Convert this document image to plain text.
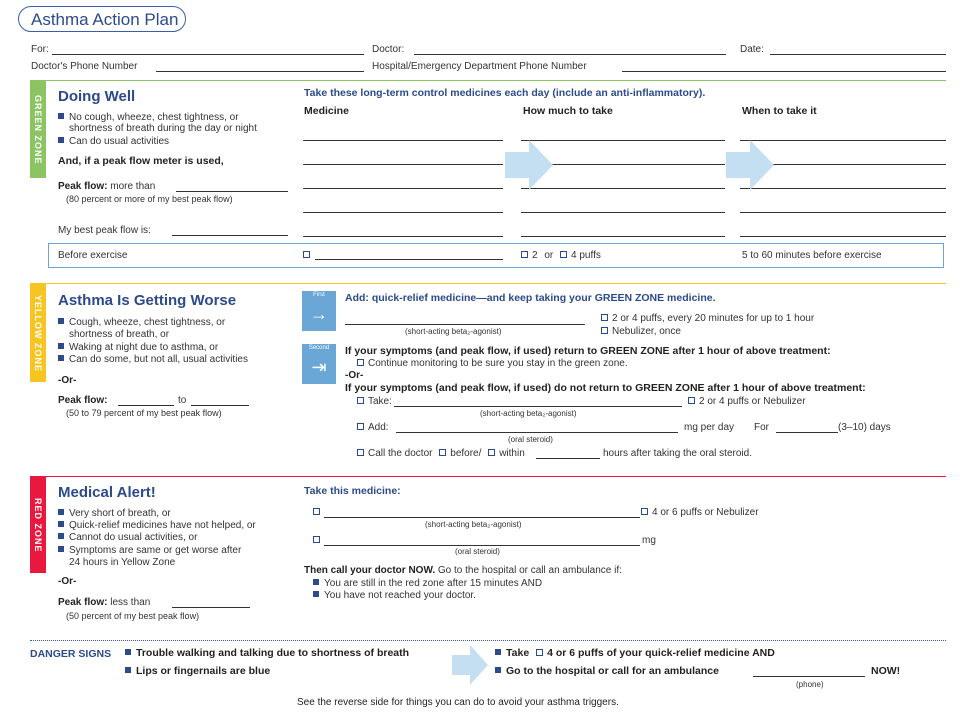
Asthma Action Plan
For:	Doctor:	Date:
Doctor's Phone Number	Hospital/Emergency Department Phone Number
GREEN ZONE Doing Well
No cough, wheeze, chest tightness, or
shortness of breath during the day or night
Can do usual activities
And, if a peak flow meter is used,
Peak flow: more than
(80 percent or more of my best peak flow)
My best peak flow is:
Take these long-term control medicines each day (include an anti-inflammatory).
Medicine	How much to take	When to take it
Before exercise	2 or 4 puffs	5 to 60 minutes before exercise
YELLOW ZONE Asthma Is Getting Worse
Cough, wheeze, chest tightness, or
shortness of breath, or
Waking at night due to asthma, or
Can do some, but not all, usual activities
-Or-
Peak flow:	to
(50 to 79 percent of my best peak flow)
First
→
Add: quick-relief medicine—and keep taking your GREEN ZONE medicine.
(short-acting beta₂-agonist)
2 or 4 puffs, every 20 minutes for up to 1 hour
Nebulizer, once
Second
⇥
If your symptoms (and peak flow, if used) return to GREEN ZONE after 1 hour of above treatment:
Continue monitoring to be sure you stay in the green zone.
-Or-
If your symptoms (and peak flow, if used) do not return to GREEN ZONE after 1 hour of above treatment:
Take:	2 or 4 puffs or Nebulizer
(short-acting beta₂-agonist)
Add:	mg per day For	(3–10) days
(oral steroid)
Call the doctor before/ within	hours after taking the oral steroid.
RED ZONE
Medical Alert!
Very short of breath, or
Quick-relief medicines have not helped, or
Cannot do usual activities, or
Symptoms are same or get worse after
24 hours in Yellow Zone
-Or-
Peak flow: less than
(50 percent of my best peak flow)
Take this medicine:
4 or 6 puffs or Nebulizer
(short-acting beta₂-agonist)
mg
(oral steroid)
Then call your doctor NOW. Go to the hospital or call an ambulance if:
You are still in the red zone after 15 minutes AND
You have not reached your doctor.
DANGER SIGNS	Trouble walking and talking due to shortness of breath
Lips or fingernails are blue
Take 4 or 6 puffs of your quick-relief medicine AND
Go to the hospital or call for an ambulance	NOW!
(phone)
See the reverse side for things you can do to avoid your asthma triggers.
